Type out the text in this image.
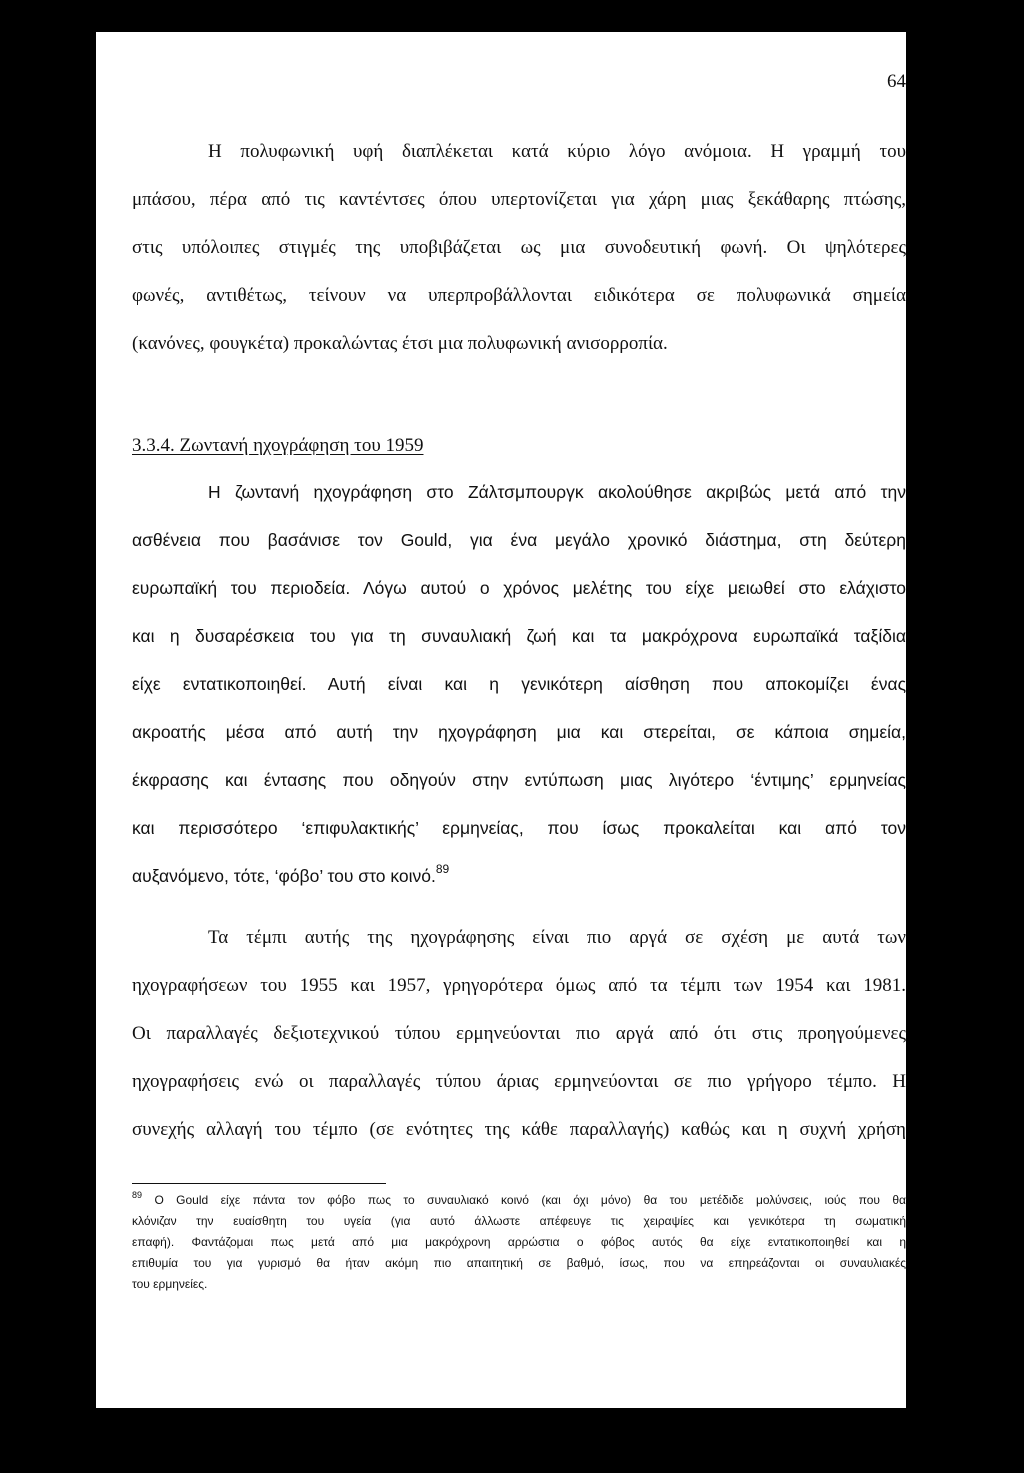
64
Η πολυφωνική υφή διαπλέκεται κατά κύριο λόγο ανόμοια. Η γραμμή του
μπάσου, πέρα από τις καντέντσες όπου υπερτονίζεται για χάρη μιας ξεκάθαρης πτώσης,
στις υπόλοιπες στιγμές της υποβιβάζεται ως μια συνοδευτική φωνή. Οι ψηλότερες
φωνές, αντιθέτως, τείνουν να υπερπροβάλλονται ειδικότερα σε πολυφωνικά σημεία
(κανόνες, φουγκέτα) προκαλώντας έτσι μια πολυφωνική ανισορροπία.
3.3.4. Ζωντανή ηχογράφηση του 1959
Η ζωντανή ηχογράφηση στο Ζάλτσμπουργκ ακολούθησε ακριβώς μετά από την
ασθένεια που βασάνισε τον Gould, για ένα μεγάλο χρονικό διάστημα, στη δεύτερη
ευρωπαϊκή του περιοδεία. Λόγω αυτού ο χρόνος μελέτης του είχε μειωθεί στο ελάχιστο
και η δυσαρέσκεια του για τη συναυλιακή ζωή και τα μακρόχρονα ευρωπαϊκά ταξίδια
είχε εντατικοποιηθεί. Αυτή είναι και η γενικότερη αίσθηση που αποκομίζει ένας
ακροατής μέσα από αυτή την ηχογράφηση μια και στερείται, σε κάποια σημεία,
έκφρασης και έντασης που οδηγούν στην εντύπωση μιας λιγότερο ‘έντιμης’ ερμηνείας
και περισσότερο ‘επιφυλακτικής’ ερμηνείας, που ίσως προκαλείται και από τον
αυξανόμενο, τότε, ‘φόβο’ του στο κοινό.$^{89}$
Τα τέμπι αυτής της ηχογράφησης είναι πιο αργά σε σχέση με αυτά των
ηχογραφήσεων του 1955 και 1957, γρηγορότερα όμως από τα τέμπι των 1954 και 1981.
Οι παραλλαγές δεξιοτεχνικού τύπου ερμηνεύονται πιο αργά από ότι στις προηγούμενες
ηχογραφήσεις ενώ οι παραλλαγές τύπου άριας ερμηνεύονται σε πιο γρήγορο τέμπο. Η
συνεχής αλλαγή του τέμπο (σε ενότητες της κάθε παραλλαγής) καθώς και η συχνή χρήση
$^{89}$ Ο Gould είχε πάντα τον φόβο πως το συναυλιακό κοινό (και όχι μόνο) θα του μετέδιδε μολύνσεις, ιούς που θα
κλόνιζαν την ευαίσθητη του υγεία (για αυτό άλλωστε απέφευγε τις χειραψίες και γενικότερα τη σωματική
επαφή). Φαντάζομαι πως μετά από μια μακρόχρονη αρρώστια ο φόβος αυτός θα είχε εντατικοποιηθεί και η
επιθυμία του για γυρισμό θα ήταν ακόμη πιο απαιτητική σε βαθμό, ίσως, που να επηρεάζονται οι συναυλιακές
του ερμηνείες.
